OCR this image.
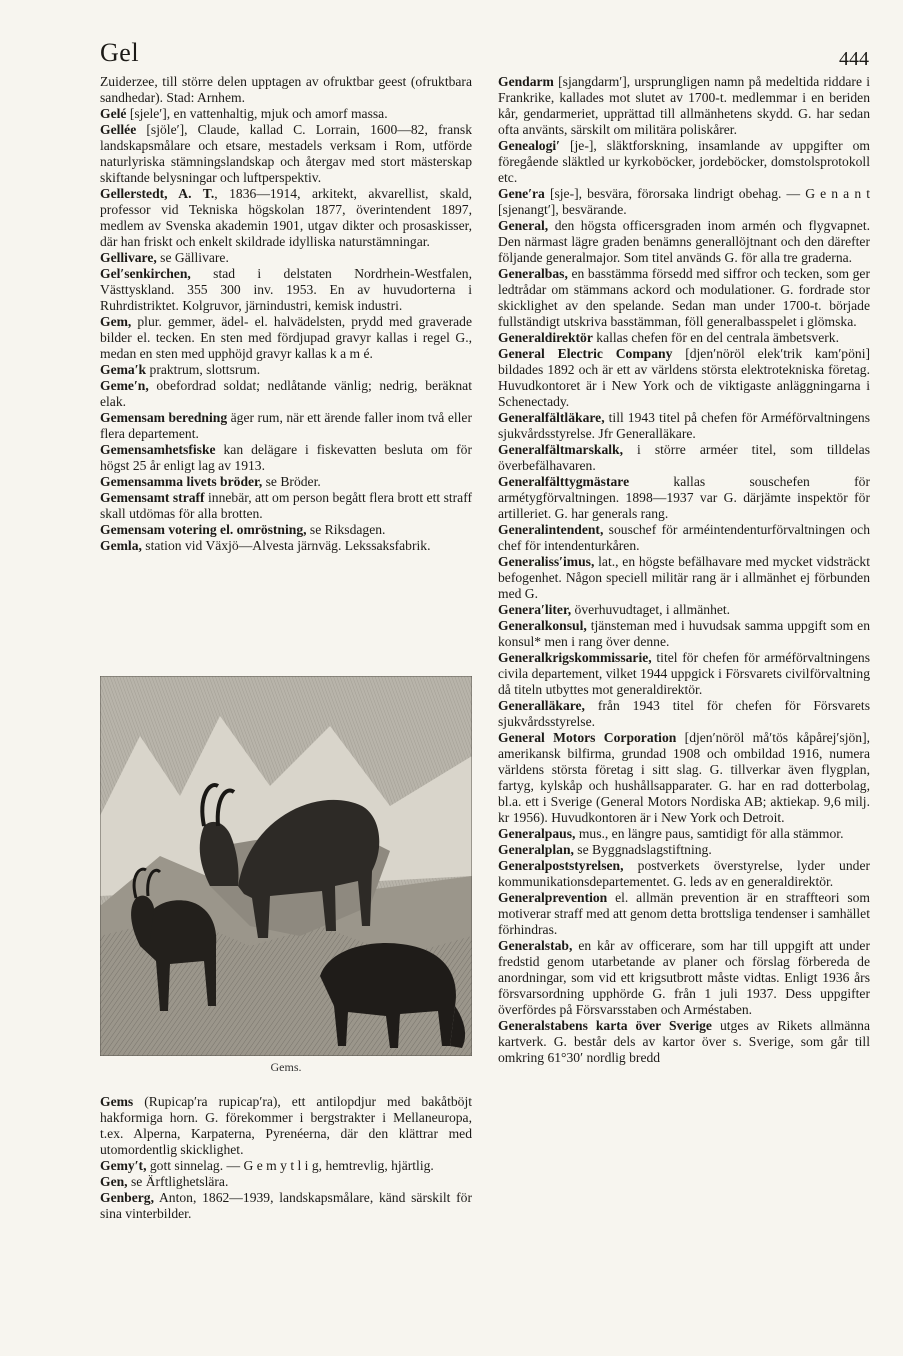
Gel	444

Zuiderzee, till större delen upptagen av ofruktbar geest (ofruktbara sandhedar). Stad: Arnhem.

Gelé [sjele′], en vattenhaltig, mjuk och amorf massa.

Gellée [sjöle′], Claude, kallad C. Lorrain, 1600—82, fransk landskapsmålare och etsare, mestadels verksam i Rom, utförde naturlyriska stämningslandskap och återgav med stort mästerskap skiftande belysningar och luftperspektiv.

Gellerstedt, A. T., 1836—1914, arkitekt, akvarellist, skald, professor vid Tekniska högskolan 1877, överintendent 1897, medlem av Svenska akademin 1901, utgav dikter och prosaskisser, där han friskt och enkelt skildrade idylliska naturstämningar.

Gellivare, se Gällivare.

Gel′senkirchen, stad i delstaten Nordrhein-Westfalen, Västtyskland. 355 300 inv. 1953. En av huvudorterna i Ruhrdistriktet. Kolgruvor, järnindustri, kemisk industri.

Gem, plur. gemmer, ädel- el. halvädelsten, prydd med graverade bilder el. tecken. En sten med fördjupad gravyr kallas i regel G., medan en sten med upphöjd gravyr kallas k a m é.

Gema′k praktrum, slottsrum.

Geme′n, obefordrad soldat; nedlåtande vänlig; nedrig, beräknat elak.

Gemensam beredning äger rum, när ett ärende faller inom två eller flera departement.

Gemensamhetsfiske kan delägare i fiskevatten besluta om för högst 25 år enligt lag av 1913.

Gemensamma livets bröder, se Bröder.

Gemensamt straff innebär, att om person begått flera brott ett straff skall utdömas för alla brotten.

Gemensam votering el. omröstning, se Riksdagen.

Gemla, station vid Växjö—Alvesta järnväg. Lekssaksfabrik.

Gems.

Gems (Rupicap′ra rupicap′ra), ett antilopdjur med bakåtböjt hakformiga horn. G. förekommer i bergstrakter i Mellaneuropa, t.ex. Alperna, Karpaterna, Pyrenéerna, där den klättrar med utomordentlig skicklighet.

Gemy′t, gott sinnelag. — G e m y t l i g, hemtrevlig, hjärtlig.

Gen, se Ärftlighetslära.

Genberg, Anton, 1862—1939, landskapsmålare, känd särskilt för sina vinterbilder.

Gendarm [sjangdarm′], ursprungligen namn på medeltida riddare i Frankrike, kallades mot slutet av 1700-t. medlemmar i en beriden kår, gendarmeriet, upprättad till allmänhetens skydd. G. har sedan ofta använts, särskilt om militära poliskårer.

Genealogi′ [je-], släktforskning, insamlande av uppgifter om föregående släktled ur kyrkoböcker, jordeböcker, domstolsprotokoll etc.

Gene′ra [sje-], besvära, förorsaka lindrigt obehag. — G e n a n t [sjenangt′], besvärande.

General, den högsta officersgraden inom armén och flygvapnet. Den närmast lägre graden benämns generallöjtnant och den därefter följande generalmajor. Som titel används G. för alla tre graderna.

Generalbas, en basstämma försedd med siffror och tecken, som ger ledtrådar om stämmans ackord och modulationer. G. fordrade stor skicklighet av den spelande. Sedan man under 1700-t. började fullständigt utskriva basstämman, föll generalbasspelet i glömska.

Generaldirektör kallas chefen för en del centrala ämbetsverk.

General Electric Company [djen′nöröl elek′trik kam′pöni] bildades 1892 och är ett av världens största elektrotekniska företag. Huvudkontoret är i New York och de viktigaste anläggningarna i Schenectady.

Generalfältläkare, till 1943 titel på chefen för Arméförvaltningens sjukvårdsstyrelse. Jfr Generalläkare.

Generalfältmarskalk, i större arméer titel, som tilldelas överbefälhavaren.

Generalfälttygmästare kallas souschefen för armétygförvaltningen. 1898—1937 var G. därjämte inspektör för artilleriet. G. har generals rang.

Generalintendent, souschef för arméintendenturförvaltningen och chef för intendenturkåren.

Generaliss′imus, lat., en högste befälhavare med mycket vidsträckt befogenhet. Någon speciell militär rang är i allmänhet ej förbunden med G.

Genera′liter, överhuvudtaget, i allmänhet.

Generalkonsul, tjänsteman med i huvudsak samma uppgift som en konsul* men i rang över denne.

Generalkrigskommissarie, titel för chefen för arméförvaltningens civila departement, vilket 1944 uppgick i Försvarets civilförvaltning då titeln utbyttes mot generaldirektör.

Generalläkare, från 1943 titel för chefen för Försvarets sjukvårdsstyrelse.

General Motors Corporation [djen′nöröl må′tös kåpårej′sjön], amerikansk bilfirma, grundad 1908 och ombildad 1916, numera världens största företag i sitt slag. G. tillverkar även flygplan, fartyg, kylskåp och hushållsapparater. G. har en rad dotterbolag, bl.a. ett i Sverige (General Motors Nordiska AB; aktiekap. 9,6 milj. kr 1956). Huvudkontoren är i New York och Detroit.

Generalpaus, mus., en längre paus, samtidigt för alla stämmor.

Generalplan, se Byggnadslagstiftning.

Generalpoststyrelsen, postverkets överstyrelse, lyder under kommunikationsdepartementet. G. leds av en generaldirektör.

Generalprevention el. allmän prevention är en straffteori som motiverar straff med att genom detta brottsliga tendenser i samhället förhindras.

Generalstab, en kår av officerare, som har till uppgift att under fredstid genom utarbetande av planer och förslag förbereda de anordningar, som vid ett krigsutbrott måste vidtas. Enligt 1936 års försvarsordning upphörde G. från 1 juli 1937. Dess uppgifter överfördes på Försvarsstaben och Arméstaben.

Generalstabens karta över Sverige utges av Rikets allmänna kartverk. G. består dels av kartor över s. Sverige, som går till omkring 61°30′ nordlig bredd
